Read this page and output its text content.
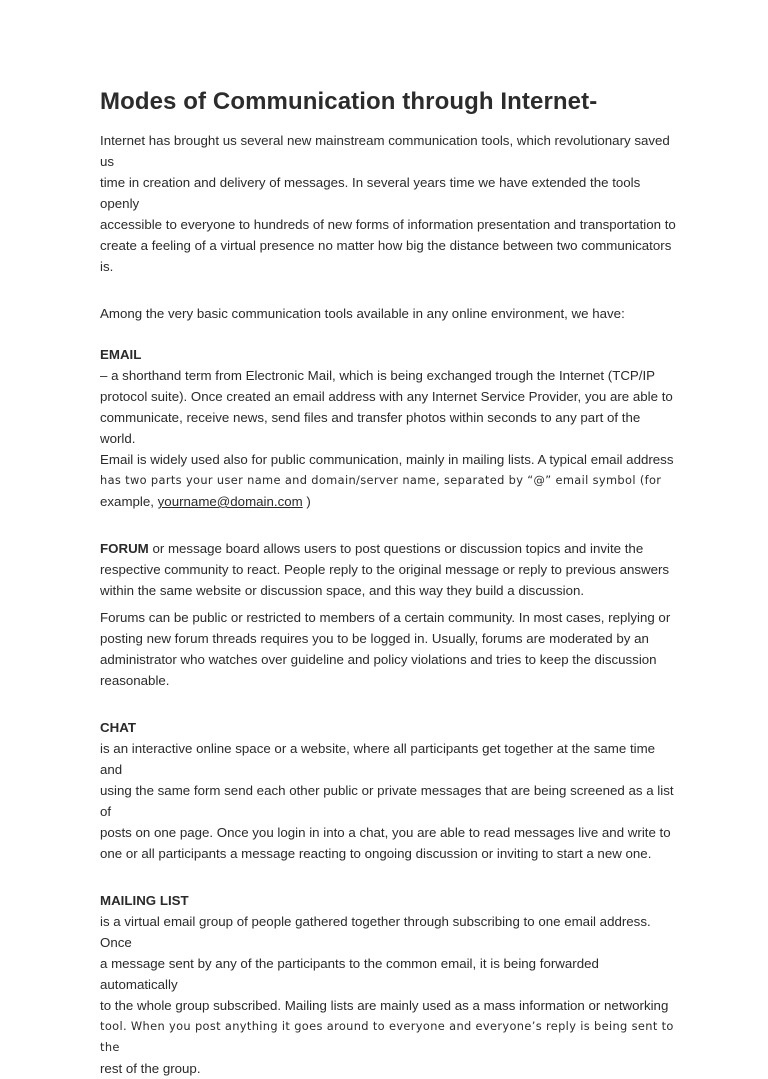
Modes of Communication through Internet-
Internet has brought us several new mainstream communication tools, which revolutionary saved us
time in creation and delivery of messages. In several years time we have extended the tools openly
accessible to everyone to hundreds of new forms of information presentation and transportation to
create a feeling of a virtual presence no matter how big the distance between two communicators is.
Among the very basic communication tools available in any online environment, we have:
EMAIL
– a shorthand term from Electronic Mail, which is being exchanged trough the Internet (TCP/IP
protocol suite). Once created an email address with any Internet Service Provider, you are able to
communicate, receive news, send files and transfer photos within seconds to any part of the world.
Email is widely used also for public communication, mainly in mailing lists. A typical email address
has two parts your user name and domain/server name, separated by “@” email symbol (for
example, yourname@domain.com )
FORUM or message board allows users to post questions or discussion topics and invite the
respective community to react. People reply to the original message or reply to previous answers
within the same website or discussion space, and this way they build a discussion.
Forums can be public or restricted to members of a certain community. In most cases, replying or
posting new forum threads requires you to be logged in. Usually, forums are moderated by an
administrator who watches over guideline and policy violations and tries to keep the discussion
reasonable.
CHAT
is an interactive online space or a website, where all participants get together at the same time and
using the same form send each other public or private messages that are being screened as a list of
posts on one page. Once you login in into a chat, you are able to read messages live and write to
one or all participants a message reacting to ongoing discussion or inviting to start a new one.
MAILING LIST
is a virtual email group of people gathered together through subscribing to one email address. Once
a message sent by any of the participants to the common email, it is being forwarded automatically
to the whole group subscribed. Mailing lists are mainly used as a mass information or networking
tool. When you post anything it goes around to everyone and everyone’s reply is being sent to the
rest of the group.
